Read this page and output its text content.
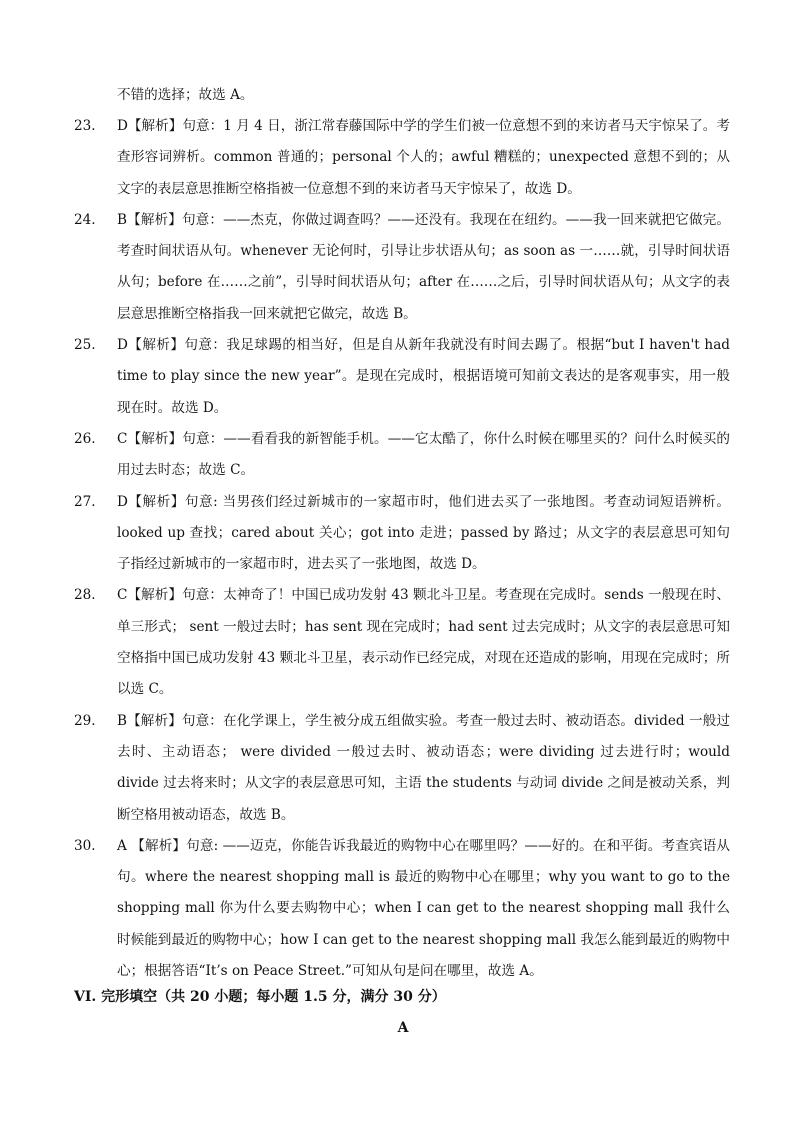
不错的选择；故选 A。

23. D【解析】句意：1 月 4 日，浙江常春藤国际中学的学生们被一位意想不到的来访者马天宇惊呆了。考查形容词辨析。common 普通的；personal 个人的；awful 糟糕的；unexpected 意想不到的；从文字的表层意思推断空格指被一位意想不到的来访者马天宇惊呆了，故选 D。
24. B【解析】句意：——杰克，你做过调查吗？——还没有。我现在在纽约。——我一回来就把它做完。考查时间状语从句。whenever 无论何时，引导让步状语从句；as soon as 一……就，引导时间状语从句；before 在……之前”，引导时间状语从句；after 在……之后，引导时间状语从句；从文字的表层意思推断空格指我一回来就把它做完，故选 B。
25. D【解析】句意：我足球踢的相当好，但是自从新年我就没有时间去踢了。根据“but I haven't had time to play since the new year”。是现在完成时，根据语境可知前文表达的是客观事实，用一般现在时。故选 D。
26. C【解析】句意：——看看我的新智能手机。——它太酷了，你什么时候在哪里买的？问什么时候买的用过去时态；故选 C。
27. D【解析】句意: 当男孩们经过新城市的一家超市时，他们进去买了一张地图。考查动词短语辨析。looked up 查找；cared about 关心；got into 走进；passed by 路过；从文字的表层意思可知句子指经过新城市的一家超市时，进去买了一张地图，故选 D。
28. C【解析】句意：太神奇了！中国已成功发射 43 颗北斗卫星。考查现在完成时。sends 一般现在时、单三形式； sent 一般过去时；has sent 现在完成时；had sent 过去完成时；从文字的表层意思可知空格指中国已成功发射 43 颗北斗卫星，表示动作已经完成，对现在还造成的影响，用现在完成时；所以选 C。
29. B【解析】句意：在化学课上，学生被分成五组做实验。考查一般过去时、被动语态。divided 一般过去时、主动语态； were divided 一般过去时、被动语态；were dividing 过去进行时；would divide 过去将来时；从文字的表层意思可知，主语 the students 与动词 divide 之间是被动关系，判断空格用被动语态，故选 B。
30. A 【解析】句意: ——迈克，你能告诉我最近的购物中心在哪里吗？——好的。在和平街。考查宾语从句。where the nearest shopping mall is 最近的购物中心在哪里；why you want to go to the shopping mall 你为什么要去购物中心；when I can get to the nearest shopping mall 我什么时候能到最近的购物中心；how I can get to the nearest shopping mall 我怎么能到最近的购物中心；根据答语“It’s on Peace Street.”可知从句是问在哪里，故选 A。
VI. 完形填空（共 20 小题；每小题 1.5 分，满分 30 分）
A
